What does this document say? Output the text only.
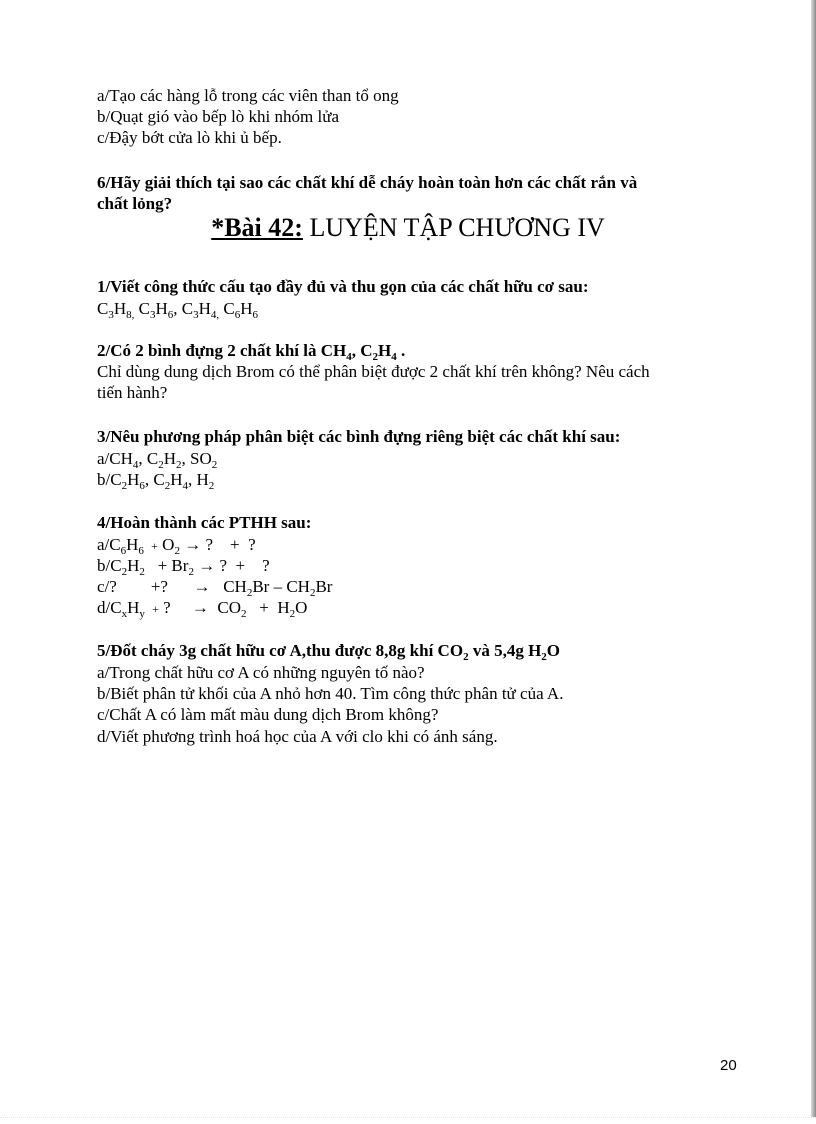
a/Tạo các hàng lỗ trong các viên than tổ ong
b/Quạt gió vào bếp lò khi nhóm lửa
c/Đậy bớt cửa lò khi ủ bếp.
6/Hãy giải thích tại sao các chất khí dễ cháy hoàn toàn hơn các chất rắn và
chất lỏng?
*Bài 42: LUYỆN TẬP CHƯƠNG IV
1/Viết công thức cấu tạo đầy đủ và thu gọn của các chất hữu cơ sau:
$C_3H_{8,}$ $C_3H_6$, $C_3H_{4,}$ $C_6H_6$
2/Có 2 bình đựng 2 chất khí là $CH_4$, $C_2H_4$ .
Chỉ dùng dung dịch Brom có thể phân biệt được 2 chất khí trên không? Nêu cách
tiến hành?
3/Nêu phương pháp phân biệt các bình đựng riêng biệt các chất khí sau:
$a/CH_4$, $C_2H_2$, $SO_2$
$b/C_2H_6$, $C_2H_4$, $H_2$
4/Hoàn thành các PTHH sau:
$a/C_6H_6 + O_2$ → ?    +  ?
$b/C_2H_2 + Br_2$ → ?  +    ?
c/?        +?      →   $CH_2Br - CH_2Br$
$d/C_xH_y$  + ?     →  $CO_2 + H_2O$
5/Đốt cháy 3g chất hữu cơ A,thu được 8,8g khí $CO_2$ và 5,4g $H_2O$
a/Trong chất hữu cơ A có những nguyên tố nào?
b/Biết phân tử khối của A nhỏ hơn 40. Tìm công thức phân tử của A.
c/Chất A có làm mất màu dung dịch Brom không?
d/Viết phương trình hoá học của A với clo khi có ánh sáng.
20
